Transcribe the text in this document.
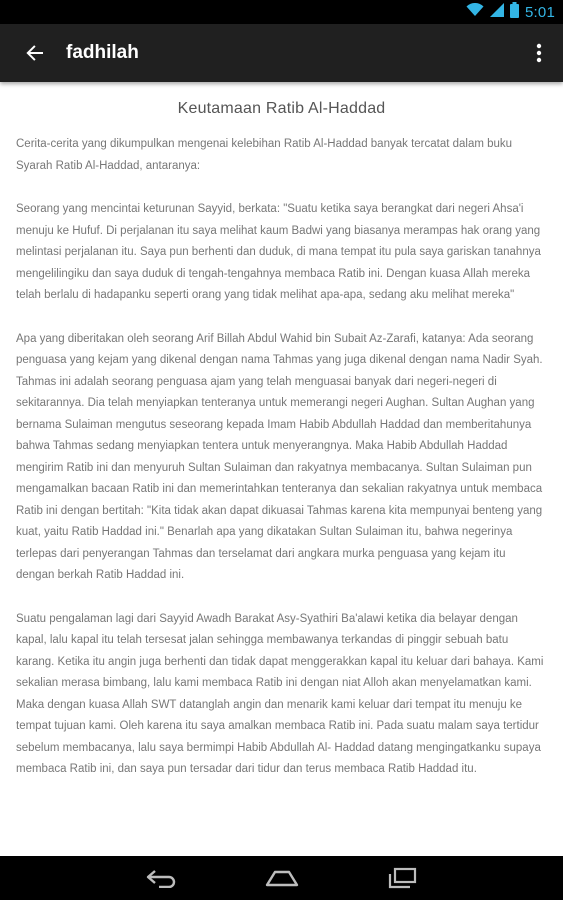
5:01
fadhilah
Keutamaan Ratib Al-Haddad

Cerita-cerita yang dikumpulkan mengenai kelebihan Ratib Al-Haddad banyak tercatat dalam buku Syarah Ratib Al-Haddad, antaranya:

Seorang yang mencintai keturunan Sayyid, berkata: "Suatu ketika saya berangkat dari negeri Ahsa'i menuju ke Hufuf. Di perjalanan itu saya melihat kaum Badwi yang biasanya merampas hak orang yang melintasi perjalanan itu. Saya pun berhenti dan duduk, di mana tempat itu pula saya gariskan tanahnya mengelilingiku dan saya duduk di tengah-tengahnya membaca Ratib ini. Dengan kuasa Allah mereka telah berlalu di hadapanku seperti orang yang tidak melihat apa-apa, sedang aku melihat mereka"

Apa yang diberitakan oleh seorang Arif Billah Abdul Wahid bin Subait Az-Zarafi, katanya: Ada seorang penguasa yang kejam yang dikenal dengan nama Tahmas yang juga dikenal dengan nama Nadir Syah. Tahmas ini adalah seorang penguasa ajam yang telah menguasai banyak dari negeri-negeri di sekitarannya. Dia telah menyiapkan tenteranya untuk memerangi negeri Aughan. Sultan Aughan yang bernama Sulaiman mengutus seseorang kepada Imam Habib Abdullah Haddad dan memberitahunya bahwa Tahmas sedang menyiapkan tentera untuk menyerangnya. Maka Habib Abdullah Haddad mengirim Ratib ini dan menyuruh Sultan Sulaiman dan rakyatnya membacanya. Sultan Sulaiman pun mengamalkan bacaan Ratib ini dan memerintahkan tenteranya dan sekalian rakyatnya untuk membaca Ratib ini dengan bertitah: "Kita tidak akan dapat dikuasai Tahmas karena kita mempunyai benteng yang kuat, yaitu Ratib Haddad ini." Benarlah apa yang dikatakan Sultan Sulaiman itu, bahwa negerinya terlepas dari penyerangan Tahmas dan terselamat dari angkara murka penguasa yang kejam itu dengan berkah Ratib Haddad ini.

Suatu pengalaman lagi dari Sayyid Awadh Barakat Asy-Syathiri Ba'alawi ketika dia belayar dengan kapal, lalu kapal itu telah tersesat jalan sehingga membawanya terkandas di pinggir sebuah batu karang. Ketika itu angin juga berhenti dan tidak dapat menggerakkan kapal itu keluar dari bahaya. Kami sekalian merasa bimbang, lalu kami membaca Ratib ini dengan niat Alloh akan menyelamatkan kami. Maka dengan kuasa Allah SWT datanglah angin dan menarik kami keluar dari tempat itu menuju ke tempat tujuan kami. Oleh karena itu saya amalkan membaca Ratib ini. Pada suatu malam saya tertidur sebelum membacanya, lalu saya bermimpi Habib Abdullah Al- Haddad datang mengingatkanku supaya membaca Ratib ini, dan saya pun tersadar dari tidur dan terus membaca Ratib Haddad itu.
